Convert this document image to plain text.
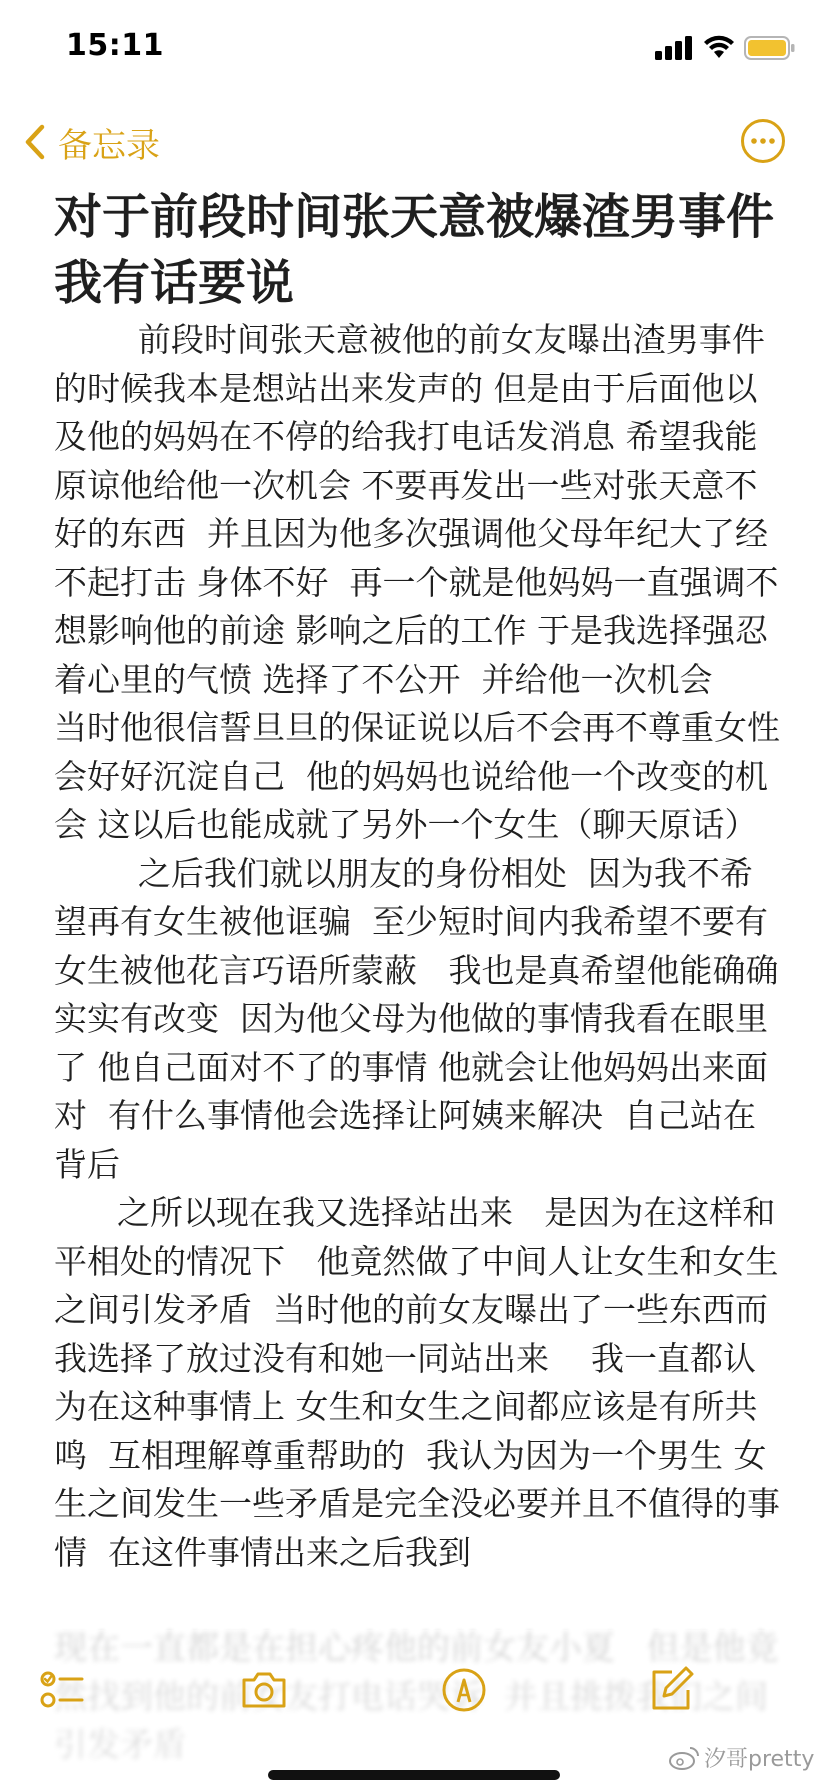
15:11
备忘录
对于前段时间张天意被爆渣男事件我有话要说

前段时间张天意被他的前女友曝出渣男事件的时候我本是想站出来发声的 但是由于后面他以及他的妈妈在不停的给我打电话发消息 希望我能原谅他给他一次机会 不要再发出一些对张天意不好的东西  并且因为他多次强调他父母年纪大了经不起打击 身体不好  再一个就是他妈妈一直强调不想影响他的前途 影响之后的工作 于是我选择强忍着心里的气愤 选择了不公开  并给他一次机会    当时他很信誓旦旦的保证说以后不会再不尊重女性  会好好沉淀自己  他的妈妈也说给他一个改变的机会 这以后也能成就了另外一个女生（聊天原话）

之后我们就以朋友的身份相处  因为我不希望再有女生被他诓骗  至少短时间内我希望不要有女生被他花言巧语所蒙蔽   我也是真希望他能确确实实有改变  因为他父母为他做的事情我看在眼里了 他自己面对不了的事情 他就会让他妈妈出来面对  有什么事情他会选择让阿姨来解决  自己站在背后

之所以现在我又选择站出来   是因为在这样和平相处的情况下   他竟然做了中间人让女生和女生之间引发矛盾  当时他的前女友曝出了一些东西而我选择了放过没有和她一同站出来    我一直都认为在这种事情上 女生和女生之间都应该是有所共鸣  互相理解尊重帮助的  我认为因为一个男生 女生之间发生一些矛盾是完全没必要并且不值得的事情  在这件事情出来之后我到

汐哥pretty
